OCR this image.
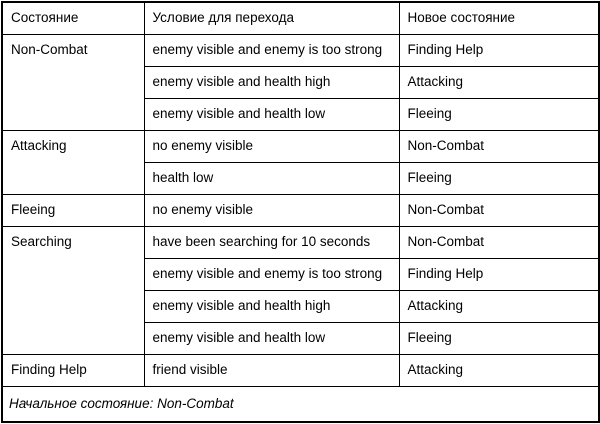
Состояние	Условие для перехода	Новое состояние
Non-Combat	enemy visible and enemy is too strong	Finding Help
	enemy visible and health high	Attacking
	enemy visible and health low	Fleeing
Attacking	no enemy visible	Non-Combat
	health low	Fleeing
Fleeing	no enemy visible	Non-Combat
Searching	have been searching for 10 seconds	Non-Combat
	enemy visible and enemy is too strong	Finding Help
	enemy visible and health high	Attacking
	enemy visible and health low	Fleeing
Finding Help	friend visible	Attacking
Начальное состояние: Non-Combat		
